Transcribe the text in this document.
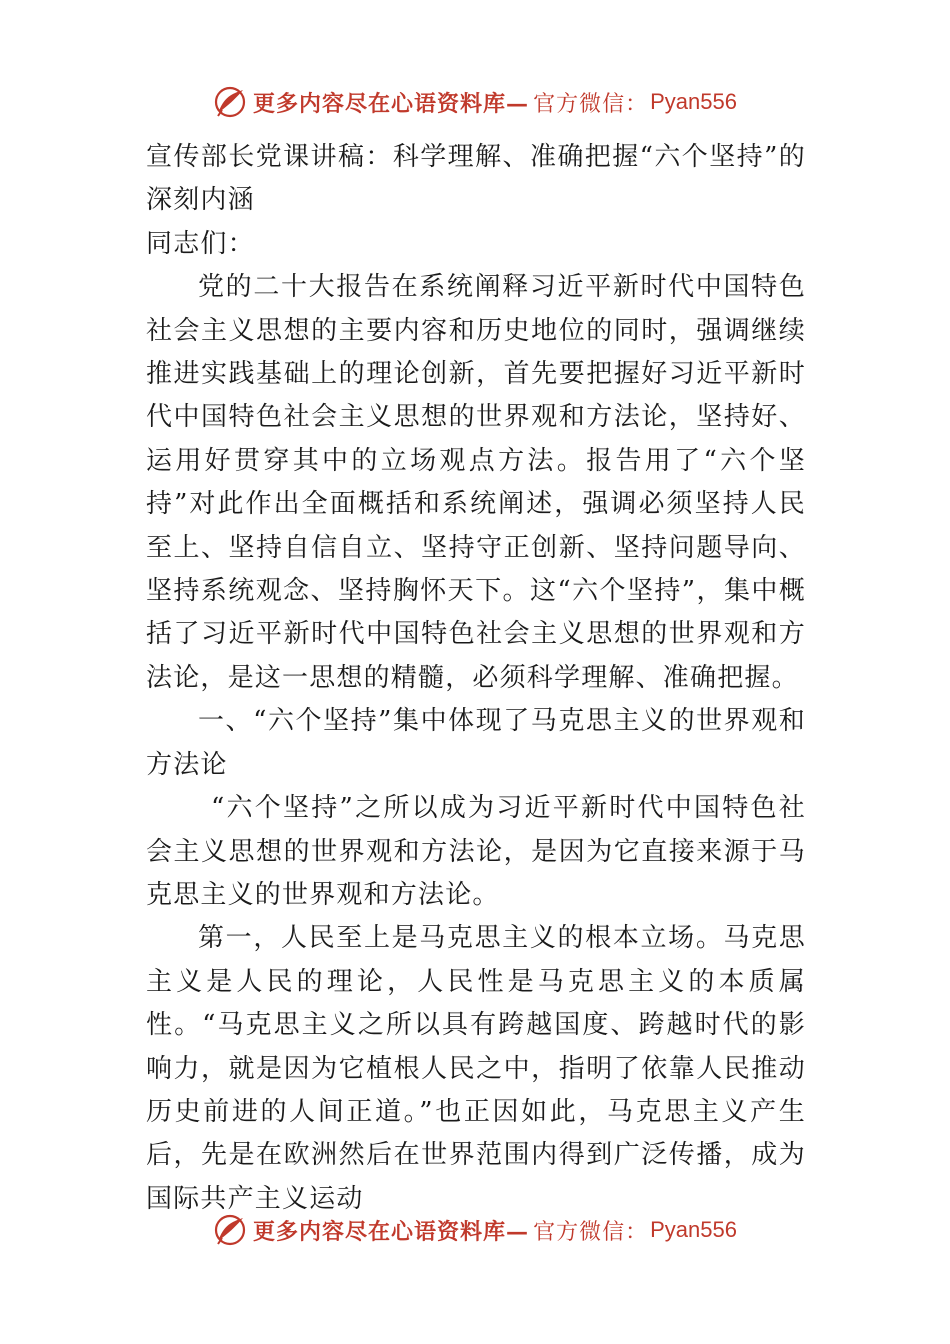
更多内容尽在心语资料库— 官方微信： Pyan556

宣传部长党课讲稿：科学理解、准确把握“六个坚持”的深刻内涵

同志们：

党的二十大报告在系统阐释习近平新时代中国特色社会主义思想的主要内容和历史地位的同时，强调继续推进实践基础上的理论创新，首先要把握好习近平新时代中国特色社会主义思想的世界观和方法论，坚持好、运用好贯穿其中的立场观点方法。报告用了“六个坚持”对此作出全面概括和系统阐述，强调必须坚持人民至上、坚持自信自立、坚持守正创新、坚持问题导向、坚持系统观念、坚持胸怀天下。这“六个坚持”，集中概括了习近平新时代中国特色社会主义思想的世界观和方法论，是这一思想的精髓，必须科学理解、准确把握。

一、“六个坚持”集中体现了马克思主义的世界观和方法论

“六个坚持”之所以成为习近平新时代中国特色社会主义思想的世界观和方法论，是因为它直接来源于马克思主义的世界观和方法论。

第一，人民至上是马克思主义的根本立场。马克思主义是人民的理论，人民性是马克思主义的本质属性。“马克思主义之所以具有跨越国度、跨越时代的影响力，就是因为它植根人民之中，指明了依靠人民推动历史前进的人间正道。”也正因如此，马克思主义产生后，先是在欧洲然后在世界范围内得到广泛传播，成为国际共产主义运动

更多内容尽在心语资料库— 官方微信： Pyan556
